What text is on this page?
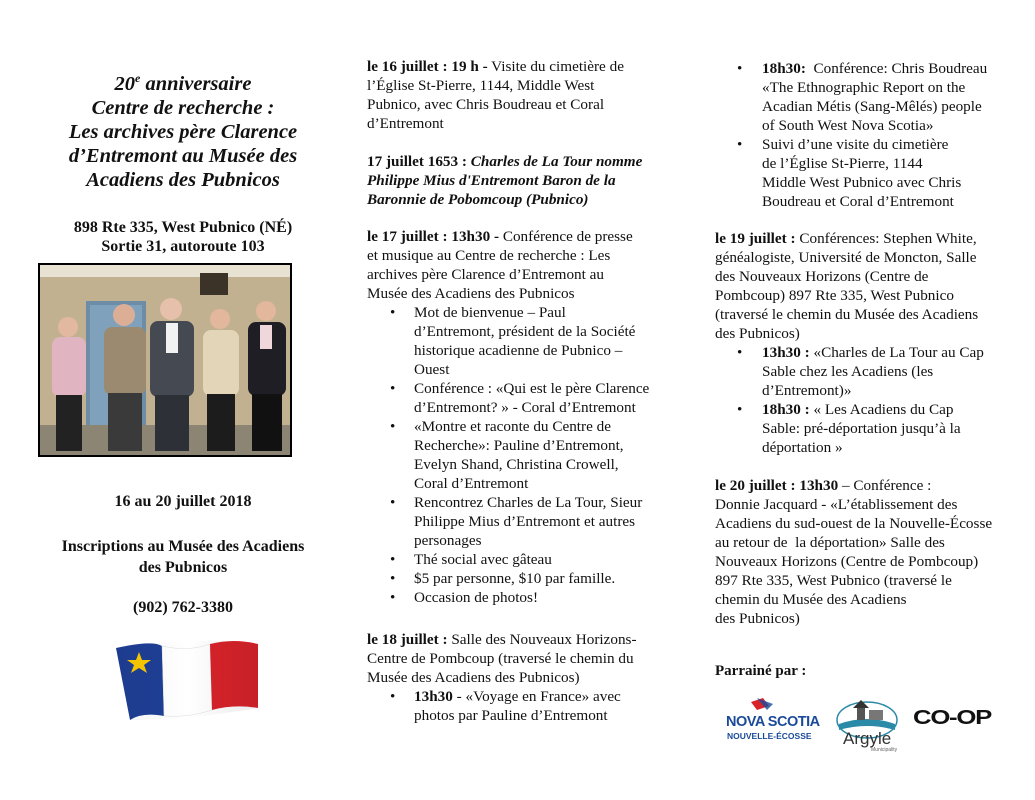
20e anniversaire
Centre de recherche :
Les archives père Clarence
d’Entremont au Musée des
Acadiens des Pubnicos
898 Rte 335, West Pubnico (NÉ)
Sortie 31, autoroute 103
16 au 20 juillet 2018
Inscriptions au Musée des Acadiens
des Pubnicos
(902) 762-3380
le 16 juillet : 19 h - Visite du cimetière de
l’Église St-Pierre, 1144, Middle West
Pubnico, avec Chris Boudreau et Coral
d’Entremont
17 juillet 1653 : Charles de La Tour nomme
Philippe Mius d'Entremont Baron de la
Baronnie de Pobomcoup (Pubnico)
le 17 juillet : 13h30 - Conférence de presse
et musique au Centre de recherche : Les
archives père Clarence d’Entremont au
Musée des Acadiens des Pubnicos
• Mot de bienvenue – Paul
d’Entremont, président de la Société
historique acadienne de Pubnico –
Ouest
• Conférence : «Qui est le père Clarence
d’Entremont? » - Coral d’Entremont
• «Montre et raconte du Centre de
Recherche»: Pauline d’Entremont,
Evelyn Shand, Christina Crowell,
Coral d’Entremont
• Rencontrez Charles de La Tour, Sieur
Philippe Mius d’Entremont et autres
personages
• Thé social avec gâteau
• $5 par personne, $10 par famille.
• Occasion de photos!
le 18 juillet : Salle des Nouveaux Horizons-
Centre de Pombcoup (traversé le chemin du
Musée des Acadiens des Pubnicos)
• 13h30 - «Voyage en France» avec
photos par Pauline d’Entremont
• 18h30:  Conférence: Chris Boudreau
«The Ethnographic Report on the
Acadian Métis (Sang-Mêlés) people
of South West Nova Scotia»
• Suivi d’une visite du cimetière
de l’Église St-Pierre, 1144
Middle West Pubnico avec Chris
Boudreau et Coral d’Entremont
le 19 juillet : Conférences: Stephen White,
généalogiste, Université de Moncton, Salle
des Nouveaux Horizons (Centre de
Pombcoup) 897 Rte 335, West Pubnico
(traversé le chemin du Musée des Acadiens
des Pubnicos)
• 13h30 : «Charles de La Tour au Cap
Sable chez les Acadiens (les
d’Entremont)»
• 18h30 : « Les Acadiens du Cap
Sable: pré-déportation jusqu’à la
déportation »
le 20 juillet : 13h30 – Conférence :
Donnie Jacquard - «L’établissement des
Acadiens du sud-ouest de la Nouvelle-Écosse
au retour de  la déportation» Salle des
Nouveaux Horizons (Centre de Pombcoup)
897 Rte 335, West Pubnico (traversé le
chemin du Musée des Acadiens
des Pubnicos)
Parrainé par :
NOVA SCOTIA
NOUVELLE-ÉCOSSE Argyle
Municipality
CO-OP
